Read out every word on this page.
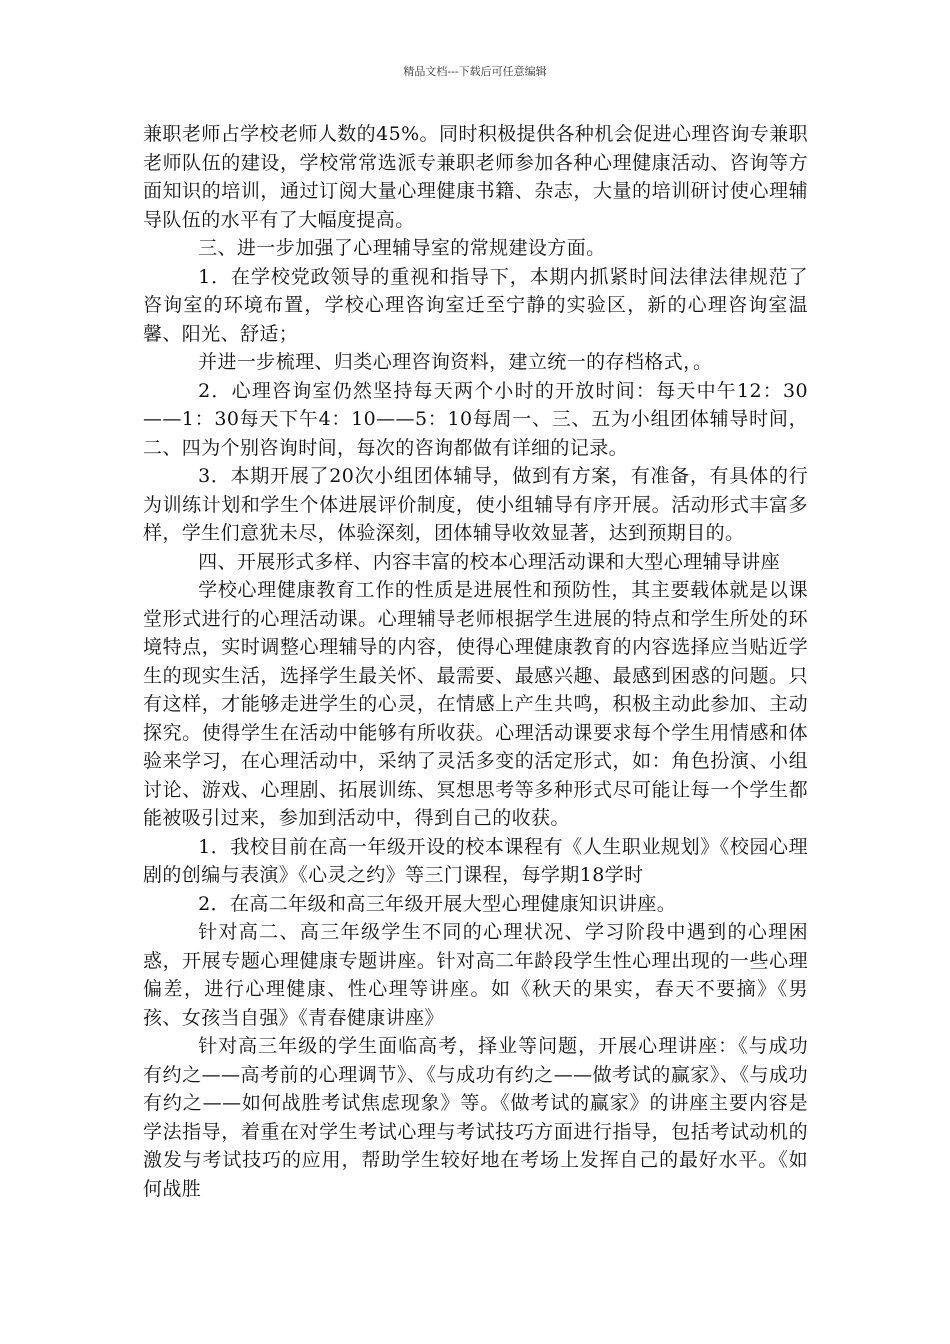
精品文档---下载后可任意编辑

兼职老师占学校老师人数的45%。同时积极提供各种机会促进心理咨询专兼职老师队伍的建设，学校常常选派专兼职老师参加各种心理健康活动、咨询等方面知识的培训，通过订阅大量心理健康书籍、杂志，大量的培训研讨使心理辅导队伍的水平有了大幅度提高。

三、进一步加强了心理辅导室的常规建设方面。

1．在学校党政领导的重视和指导下，本期内抓紧时间法律法律规范了咨询室的环境布置，学校心理咨询室迁至宁静的实验区，新的心理咨询室温馨、阳光、舒适；

并进一步梳理、归类心理咨询资料，建立统一的存档格式，。

2．心理咨询室仍然坚持每天两个小时的开放时间：每天中午12：30——1：30每天下午4：10——5：10每周一、三、五为小组团体辅导时间，二、四为个别咨询时间，每次的咨询都做有详细的记录。

3．本期开展了20次小组团体辅导，做到有方案，有准备，有具体的行为训练计划和学生个体进展评价制度，使小组辅导有序开展。活动形式丰富多样，学生们意犹未尽，体验深刻，团体辅导收效显著，达到预期目的。

四、开展形式多样、内容丰富的校本心理活动课和大型心理辅导讲座

学校心理健康教育工作的性质是进展性和预防性，其主要载体就是以课堂形式进行的心理活动课。心理辅导老师根据学生进展的特点和学生所处的环境特点，实时调整心理辅导的内容，使得心理健康教育的内容选择应当贴近学生的现实生活，选择学生最关怀、最需要、最感兴趣、最感到困惑的问题。只有这样，才能够走进学生的心灵，在情感上产生共鸣，积极主动此参加、主动探究。使得学生在活动中能够有所收获。心理活动课要求每个学生用情感和体验来学习，在心理活动中，采纳了灵活多变的活定形式，如：角色扮演、小组讨论、游戏、心理剧、拓展训练、冥想思考等多种形式尽可能让每一个学生都能被吸引过来，参加到活动中，得到自己的收获。

1．我校目前在高一年级开设的校本课程有《人生职业规划》《校园心理剧的创编与表演》《心灵之约》等三门课程，每学期18学时

2．在高二年级和高三年级开展大型心理健康知识讲座。

针对高二、高三年级学生不同的心理状况、学习阶段中遇到的心理困惑，开展专题心理健康专题讲座。针对高二年龄段学生性心理出现的一些心理偏差，进行心理健康、性心理等讲座。如《秋天的果实，春天不要摘》《男孩、女孩当自强》《青春健康讲座》

针对高三年级的学生面临高考，择业等问题，开展心理讲座：《与成功有约之——高考前的心理调节》、《与成功有约之——做考试的赢家》、《与成功有约之——如何战胜考试焦虑现象》等。《做考试的赢家》的讲座主要内容是学法指导，着重在对学生考试心理与考试技巧方面进行指导，包括考试动机的激发与考试技巧的应用，帮助学生较好地在考场上发挥自己的最好水平。《如何战胜
